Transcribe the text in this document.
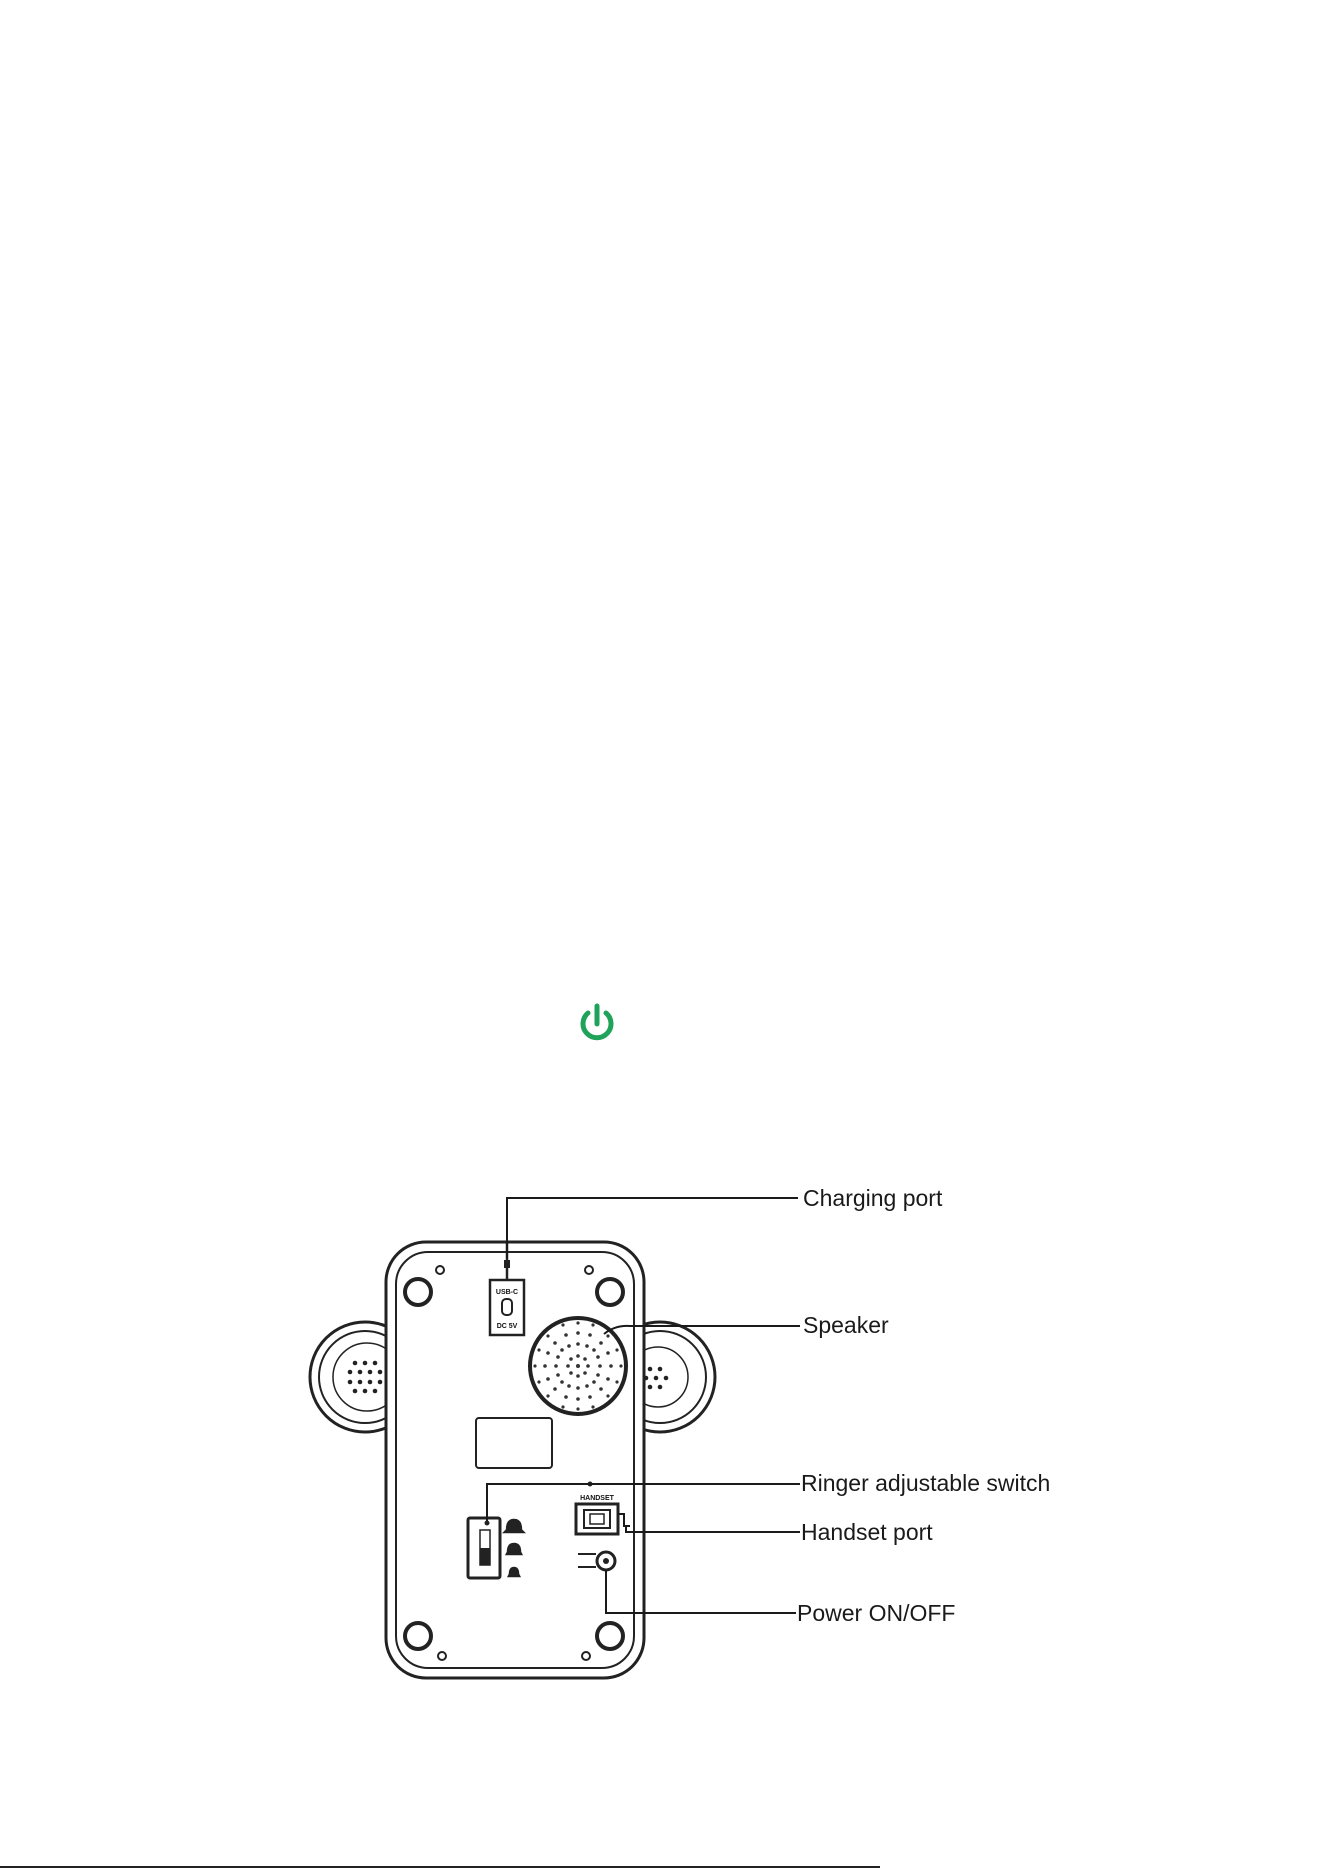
USB-C
DC 5V
HANDSET
Charging port
Speaker
Ringer adjustable switch
Handset port
Power ON/OFF
